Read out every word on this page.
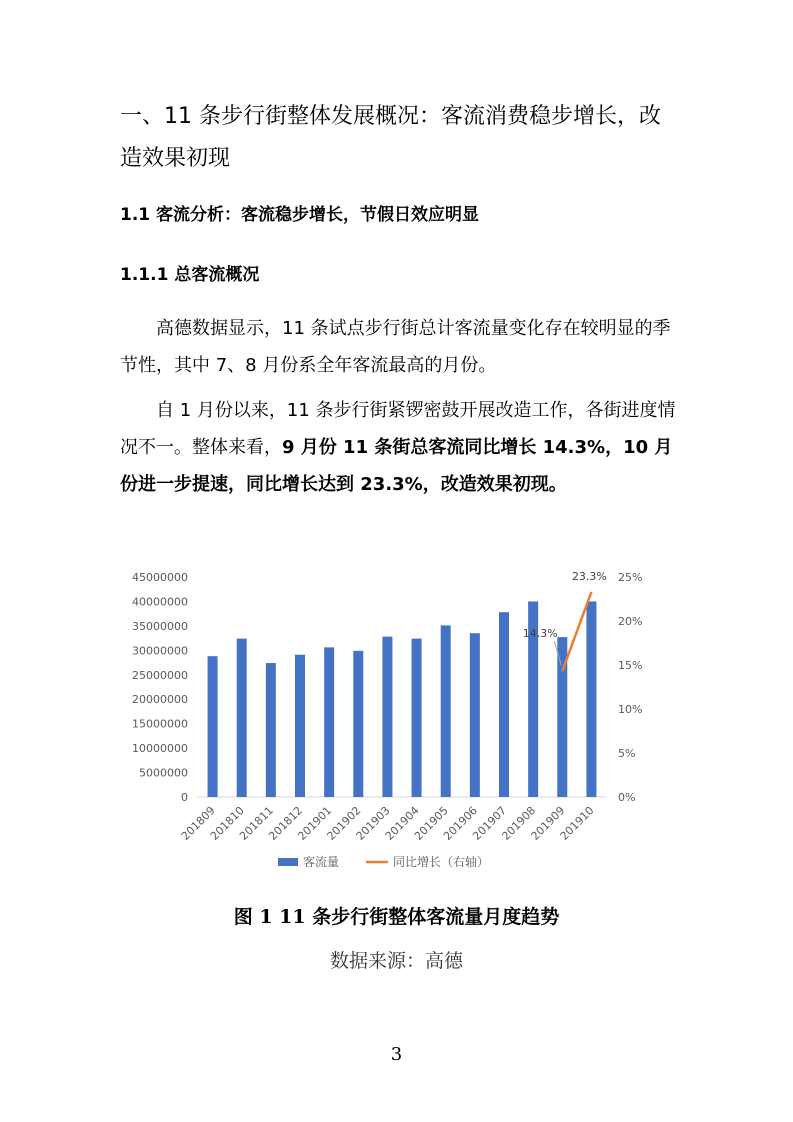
一、11 条步行街整体发展概况：客流消费稳步增长，改造效果初现
1.1 客流分析：客流稳步增长，节假日效应明显
1.1.1 总客流概况
高德数据显示，11 条试点步行街总计客流量变化存在较明显的季节性，其中 7、8 月份系全年客流最高的月份。
自 1 月份以来，11 条步行街紧锣密鼓开展改造工作，各街进度情况不一。整体来看，9 月份 11 条街总客流同比增长 14.3%，10 月份进一步提速，同比增长达到 23.3%，改造效果初现。
45000000
40000000
35000000
30000000
25000000
20000000
15000000
10000000
5000000
0
25%
20%
15%
10%
5%
0%
201809
201810
201811
201812
201901
201902
201903
201904
201905
201906
201907
201908
201909
201910
14.3%
23.3%
客流量	同比增长（右轴）
图 1 11 条步行街整体客流量月度趋势
数据来源：高德
3
